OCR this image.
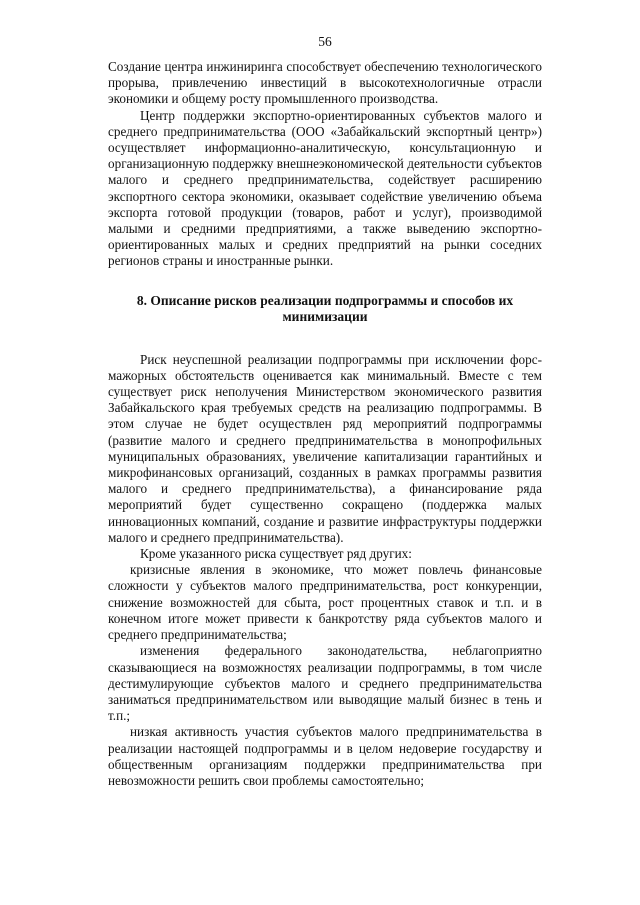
56

Создание центра инжиниринга способствует обеспечению технологического прорыва, привлечению инвестиций в высокотехнологичные отрасли экономики и общему росту промышленного производства.

Центр поддержки экспортно-ориентированных субъектов малого и среднего предпринимательства (ООО «Забайкальский экспортный центр») осуществляет информационно-аналитическую, консультационную и организационную поддержку внешнеэкономической деятельности субъектов малого и среднего предпринимательства, содействует расширению экспортного сектора экономики, оказывает содействие увеличению объема экспорта готовой продукции (товаров, работ и услуг), производимой малыми и средними предприятиями, а также выведению экспортно-ориентированных малых и средних предприятий на рынки соседних регионов страны и иностранные рынки.

8. Описание рисков реализации подпрограммы и способов их минимизации

Риск неуспешной реализации подпрограммы при исключении форс-мажорных обстоятельств оценивается как минимальный. Вместе с тем существует риск неполучения Министерством экономического развития Забайкальского края требуемых средств на реализацию подпрограммы. В этом случае не будет осуществлен ряд мероприятий подпрограммы (развитие малого и среднего предпринимательства в монопрофильных муниципальных образованиях, увеличение капитализации гарантийных и микрофинансовых организаций, созданных в рамках программы развития малого и среднего предпринимательства), а финансирование ряда мероприятий будет существенно сокращено (поддержка малых инновационных компаний, создание и развитие инфраструктуры поддержки малого и среднего предпринимательства).

Кроме указанного риска существует ряд других:

кризисные явления в экономике, что может повлечь финансовые сложности у субъектов малого предпринимательства, рост конкуренции, снижение возможностей для сбыта, рост процентных ставок и т.п. и в конечном итоге может привести к банкротству ряда субъектов малого и среднего предпринимательства;

изменения федерального законодательства, неблагоприятно сказывающиеся на возможностях реализации подпрограммы, в том числе дестимулирующие субъектов малого и среднего предпринимательства заниматься предпринимательством или выводящие малый бизнес в тень и т.п.;

низкая активность участия субъектов малого предпринимательства в реализации настоящей подпрограммы и в целом недоверие государству и общественным организациям поддержки предпринимательства при невозможности решить свои проблемы самостоятельно;
